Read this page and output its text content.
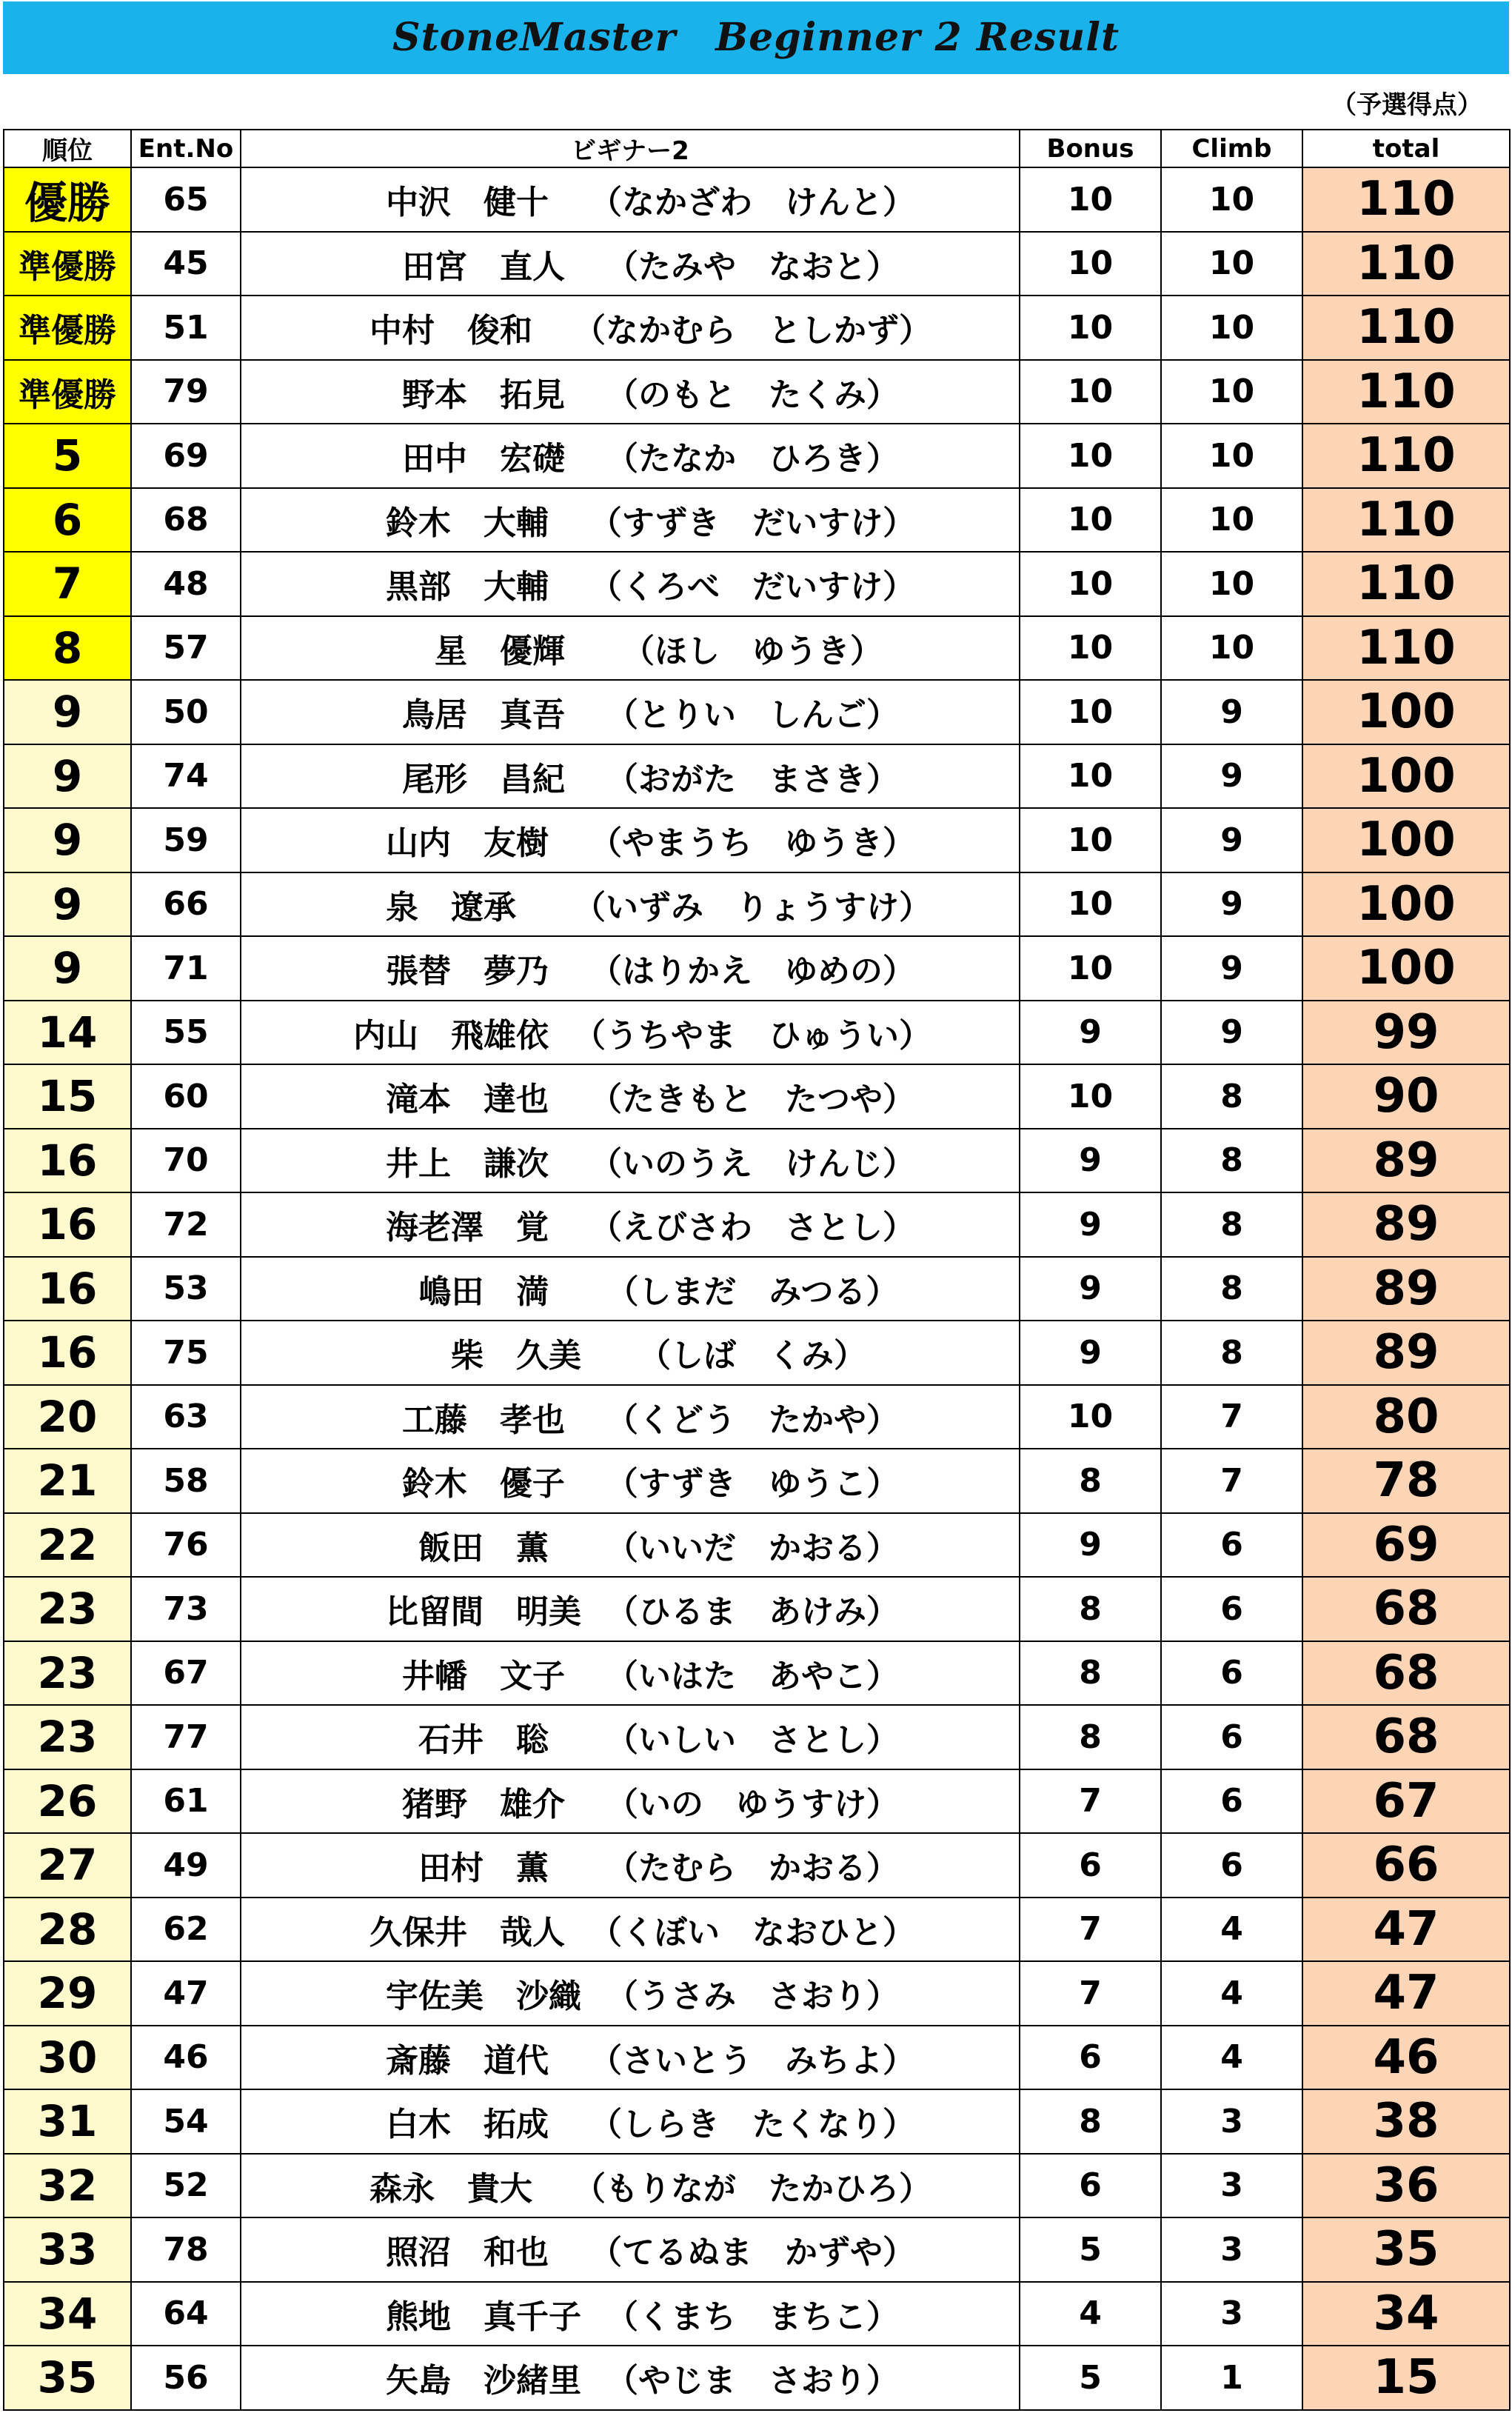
StoneMaster　Beginner 2 Result
（予選得点）
順位	Ent.No	ビギナー2	Bonus	Climb	total
優勝	65	中沢　健十 （なかざわ　けんと）	10	10	110
準優勝	45	田宮　直人 （たみや　なおと）	10	10	110
準優勝	51	中村　俊和 （なかむら　としかず）	10	10	110
準優勝	79	野本　拓見 （のもと　たくみ）	10	10	110
5	69	田中　宏礎 （たなか　ひろき）	10	10	110
6	68	鈴木　大輔 （すずき　だいすけ）	10	10	110
7	48	黒部　大輔 （くろべ　だいすけ）	10	10	110
8	57	星　優輝 （ほし　ゆうき）	10	10	110
9	50	鳥居　真吾 （とりい　しんご）	10	9	100
9	74	尾形　昌紀 （おがた　まさき）	10	9	100
9	59	山内　友樹 （やまうち　ゆうき）	10	9	100
9	66	泉　遼承 （いずみ　りょうすけ）	10	9	100
9	71	張替　夢乃 （はりかえ　ゆめの）	10	9	100
14	55	内山　飛雄依 （うちやま　ひゅうい）	9	9	99
15	60	滝本　達也 （たきもと　たつや）	10	8	90
16	70	井上　謙次 （いのうえ　けんじ）	9	8	89
16	72	海老澤　覚 （えびさわ　さとし）	9	8	89
16	53	嶋田　満 （しまだ　みつる）	9	8	89
16	75	柴　久美 （しば　くみ）	9	8	89
20	63	工藤　孝也 （くどう　たかや）	10	7	80
21	58	鈴木　優子 （すずき　ゆうこ）	8	7	78
22	76	飯田　薫 （いいだ　かおる）	9	6	69
23	73	比留間　明美 （ひるま　あけみ）	8	6	68
23	67	井幡　文子 （いはた　あやこ）	8	6	68
23	77	石井　聡 （いしい　さとし）	8	6	68
26	61	猪野　雄介 （いの　ゆうすけ）	7	6	67
27	49	田村　薫 （たむら　かおる）	6	6	66
28	62	久保井　哉人 （くぼい　なおひと）	7	4	47
29	47	宇佐美　沙織 （うさみ　さおり）	7	4	47
30	46	斎藤　道代 （さいとう　みちよ）	6	4	46
31	54	白木　拓成 （しらき　たくなり）	8	3	38
32	52	森永　貴大 （もりなが　たかひろ）	6	3	36
33	78	照沼　和也 （てるぬま　かずや）	5	3	35
34	64	熊地　真千子 （くまち　まちこ）	4	3	34
35	56	矢島　沙緒里 （やじま　さおり）	5	1	15
